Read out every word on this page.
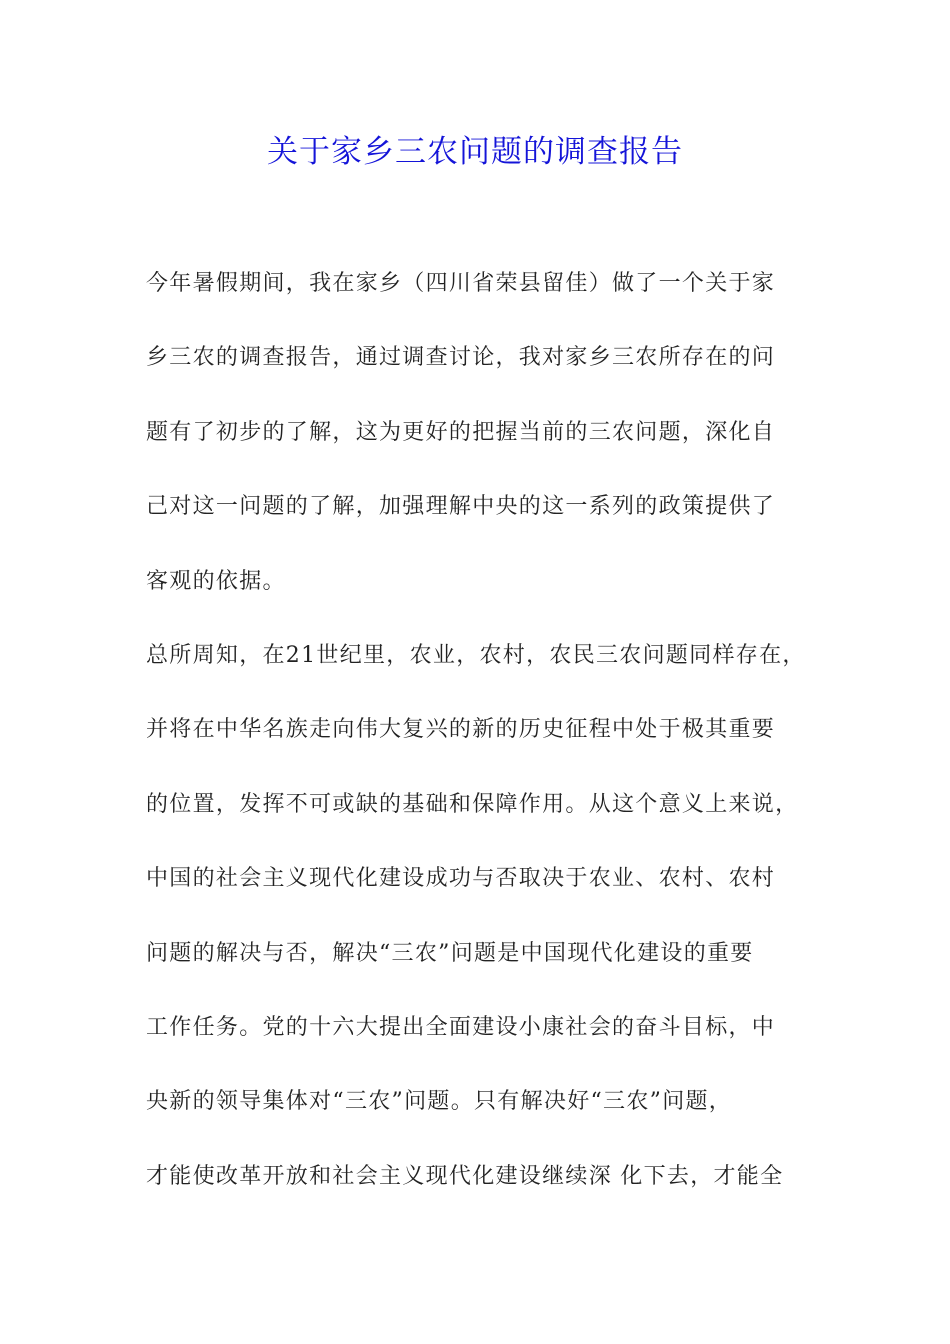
关于家乡三农问题的调查报告
今年暑假期间，我在家乡（四川省荣县留佳）做了一个关于家
乡三农的调查报告，通过调查讨论，我对家乡三农所存在的问
题有了初步的了解，这为更好的把握当前的三农问题，深化自
己对这一问题的了解，加强理解中央的这一系列的政策提供了
客观的依据。
总所周知，在21世纪里，农业，农村，农民三农问题同样存在，
并将在中华名族走向伟大复兴的新的历史征程中处于极其重要
的位置，发挥不可或缺的基础和保障作用。从这个意义上来说，
中国的社会主义现代化建设成功与否取决于农业、农村、农村
问题的解决与否，解决“三农”问题是中国现代化建设的重要
工作任务。党的十六大提出全面建设小康社会的奋斗目标，中
央新的领导集体对“三农”问题。只有解决好“三农”问题，
才能使改革开放和社会主义现代化建设继续深 化下去，才能全
